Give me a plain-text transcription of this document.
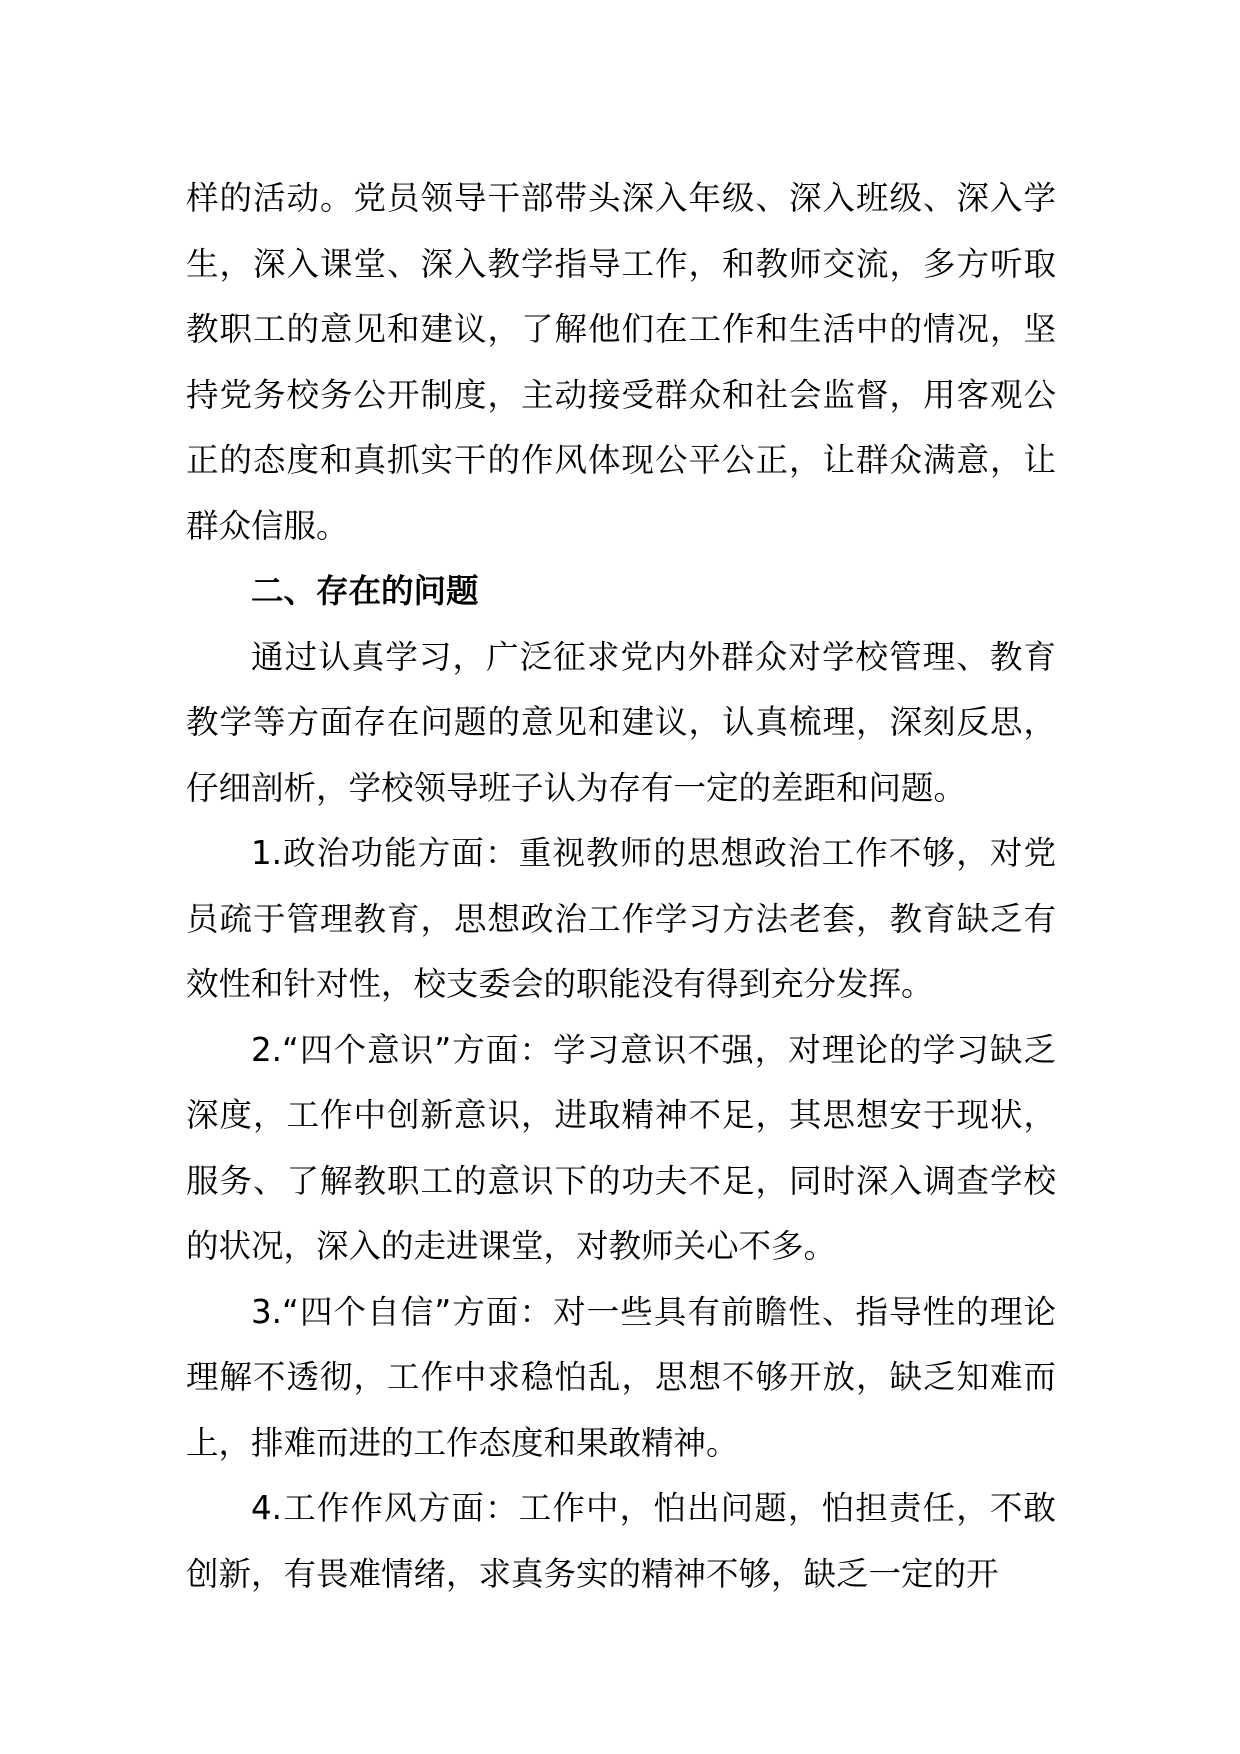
样的活动。党员领导干部带头深入年级、深入班级、深入学生，深入课堂、深入教学指导工作，和教师交流，多方听取教职工的意见和建议，了解他们在工作和生活中的情况，坚持党务校务公开制度，主动接受群众和社会监督，用客观公正的态度和真抓实干的作风体现公平公正，让群众满意，让群众信服。

二、存在的问题

通过认真学习，广泛征求党内外群众对学校管理、教育教学等方面存在问题的意见和建议，认真梳理，深刻反思，仔细剖析，学校领导班子认为存有一定的差距和问题。

1.政治功能方面：重视教师的思想政治工作不够，对党员疏于管理教育，思想政治工作学习方法老套，教育缺乏有效性和针对性，校支委会的职能没有得到充分发挥。

2.“四个意识”方面：学习意识不强，对理论的学习缺乏深度，工作中创新意识，进取精神不足，其思想安于现状，服务、了解教职工的意识下的功夫不足，同时深入调查学校的状况，深入的走进课堂，对教师关心不多。

3.“四个自信”方面：对一些具有前瞻性、指导性的理论理解不透彻，工作中求稳怕乱，思想不够开放，缺乏知难而上，排难而进的工作态度和果敢精神。

4.工作作风方面：工作中，怕出问题，怕担责任，不敢创新，有畏难情绪，求真务实的精神不够，缺乏一定的开
